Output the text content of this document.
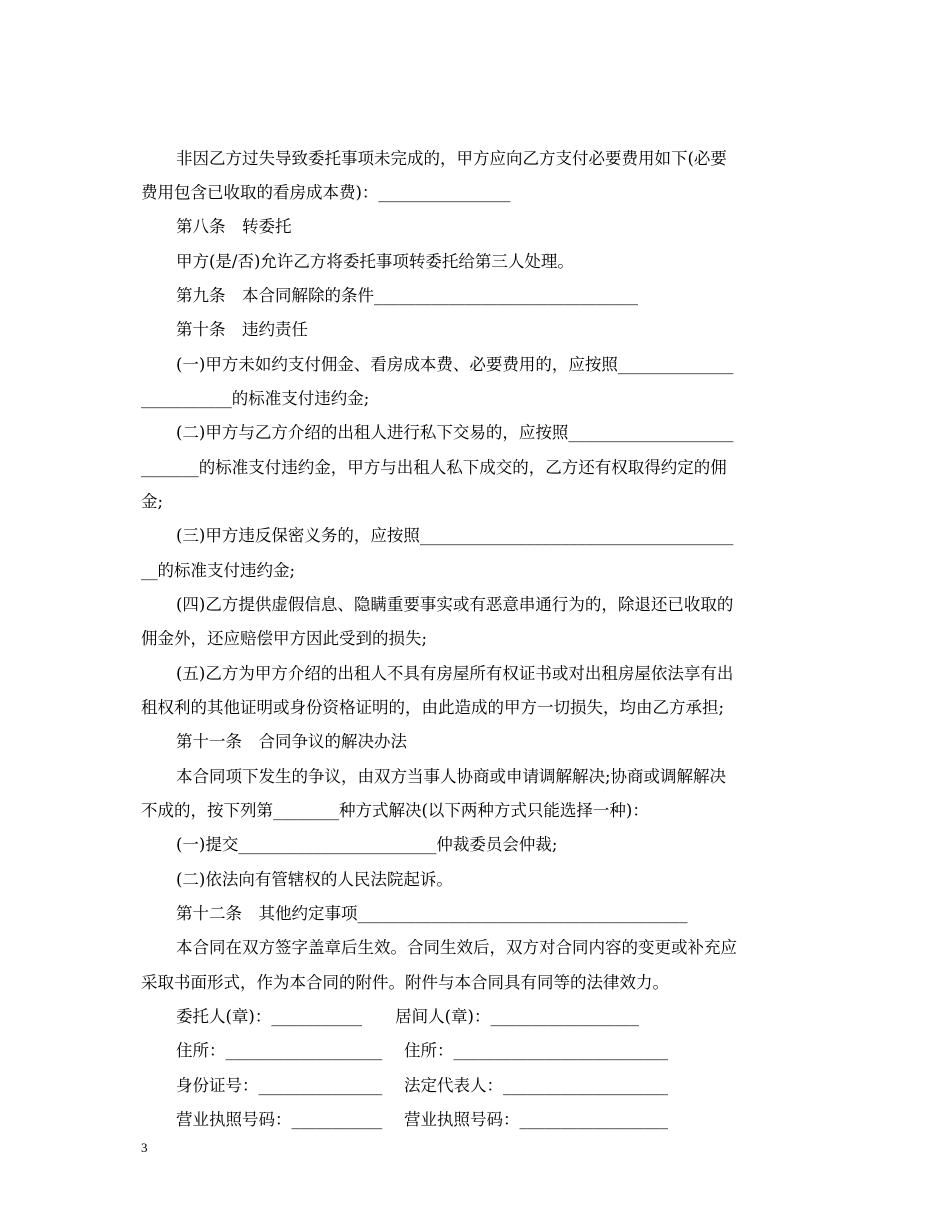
非因乙方过失导致委托事项未完成的，甲方应向乙方支付必要费用如下(必要
费用包含已收取的看房成本费)：________________
第八条　转委托
甲方(是/否)允许乙方将委托事项转委托给第三人处理。
第九条　本合同解除的条件________________________________
第十条　违约责任
(一)甲方未如约支付佣金、看房成本费、必要费用的，应按照______________
___________的标准支付违约金;
(二)甲方与乙方介绍的出租人进行私下交易的，应按照____________________
_______的标准支付违约金，甲方与出租人私下成交的，乙方还有权取得约定的佣
金;
(三)甲方违反保密义务的，应按照______________________________________
__的标准支付违约金;
(四)乙方提供虚假信息、隐瞒重要事实或有恶意串通行为的，除退还已收取的
佣金外，还应赔偿甲方因此受到的损失;
(五)乙方为甲方介绍的出租人不具有房屋所有权证书或对出租房屋依法享有出
租权利的其他证明或身份资格证明的，由此造成的甲方一切损失，均由乙方承担;
第十一条　合同争议的解决办法
本合同项下发生的争议，由双方当事人协商或申请调解解决;协商或调解解决
不成的，按下列第________种方式解决(以下两种方式只能选择一种)：
(一)提交________________________仲裁委员会仲裁;
(二)依法向有管辖权的人民法院起诉。
第十二条　其他约定事项________________________________________
本合同在双方签字盖章后生效。合同生效后，双方对合同内容的变更或补充应
采取书面形式，作为本合同的附件。附件与本合同具有同等的法律效力。
委托人(章)：___________　　居间人(章)：__________________
住所：___________________　 住所：__________________________
身份证号：_______________　 法定代表人：____________________
营业执照号码：___________　 营业执照号码：__________________
3
